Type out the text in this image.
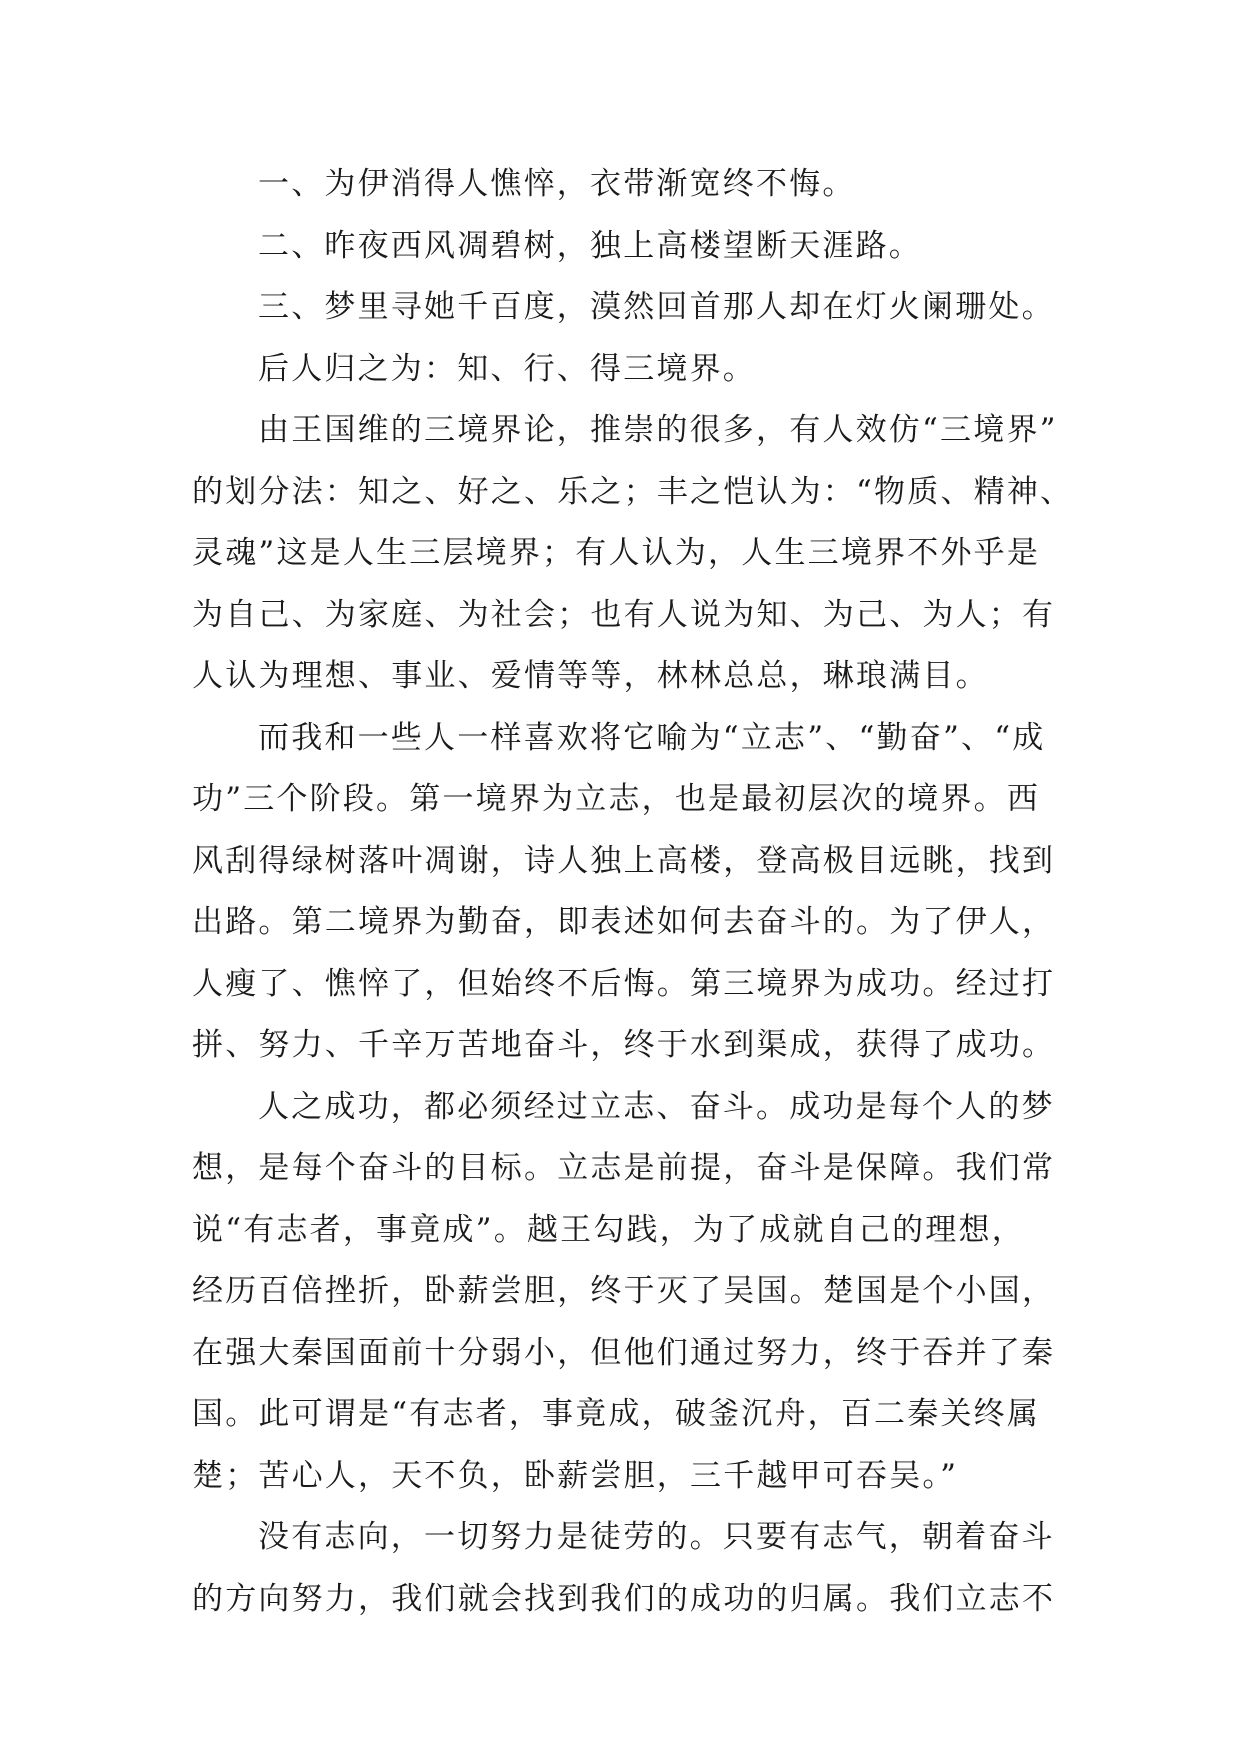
一、为伊消得人憔悴，衣带渐宽终不悔。
二、昨夜西风凋碧树，独上高楼望断天涯路。
三、梦里寻她千百度，漠然回首那人却在灯火阑珊处。
后人归之为：知、行、得三境界。
由王国维的三境界论，推崇的很多，有人效仿“三境界”
的划分法：知之、好之、乐之；丰之恺认为：“物质、精神、
灵魂”这是人生三层境界；有人认为，人生三境界不外乎是
为自己、为家庭、为社会；也有人说为知、为己、为人；有
人认为理想、事业、爱情等等，林林总总，琳琅满目。
而我和一些人一样喜欢将它喻为“立志”、“勤奋”、“成
功”三个阶段。第一境界为立志，也是最初层次的境界。西
风刮得绿树落叶凋谢，诗人独上高楼，登高极目远眺，找到
出路。第二境界为勤奋，即表述如何去奋斗的。为了伊人，
人瘦了、憔悴了，但始终不后悔。第三境界为成功。经过打
拼、努力、千辛万苦地奋斗，终于水到渠成，获得了成功。
人之成功，都必须经过立志、奋斗。成功是每个人的梦
想，是每个奋斗的目标。立志是前提，奋斗是保障。我们常
说“有志者，事竟成”。越王勾践，为了成就自己的理想，
经历百倍挫折，卧薪尝胆，终于灭了吴国。楚国是个小国，
在强大秦国面前十分弱小，但他们通过努力，终于吞并了秦
国。此可谓是“有志者，事竟成，破釜沉舟，百二秦关终属
楚；苦心人，天不负，卧薪尝胆，三千越甲可吞吴。”
没有志向，一切努力是徒劳的。只要有志气，朝着奋斗
的方向努力，我们就会找到我们的成功的归属。我们立志不
